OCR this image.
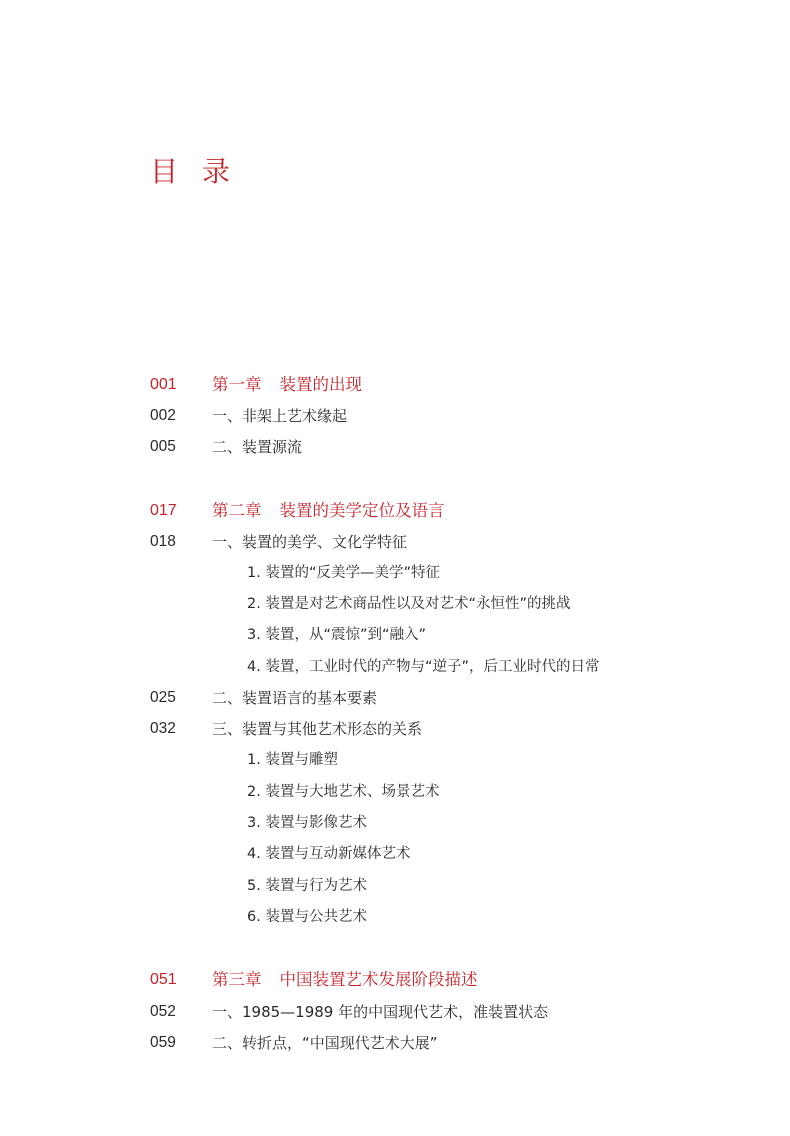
目 录
001	第一章 装置的出现
002	一、非架上艺术缘起
005	二、装置源流
017	第二章 装置的美学定位及语言
018	一、装置的美学、文化学特征
1. 装置的“反美学—美学”特征
2. 装置是对艺术商品性以及对艺术“永恒性”的挑战
3. 装置，从“震惊”到“融入”
4. 装置，工业时代的产物与“逆子”，后工业时代的日常
025	二、装置语言的基本要素
032	三、装置与其他艺术形态的关系
1. 装置与雕塑
2. 装置与大地艺术、场景艺术
3. 装置与影像艺术
4. 装置与互动新媒体艺术
5. 装置与行为艺术
6. 装置与公共艺术
051	第三章 中国装置艺术发展阶段描述
052	一、1985—1989 年的中国现代艺术，准装置状态
059	二、转折点，“中国现代艺术大展”
